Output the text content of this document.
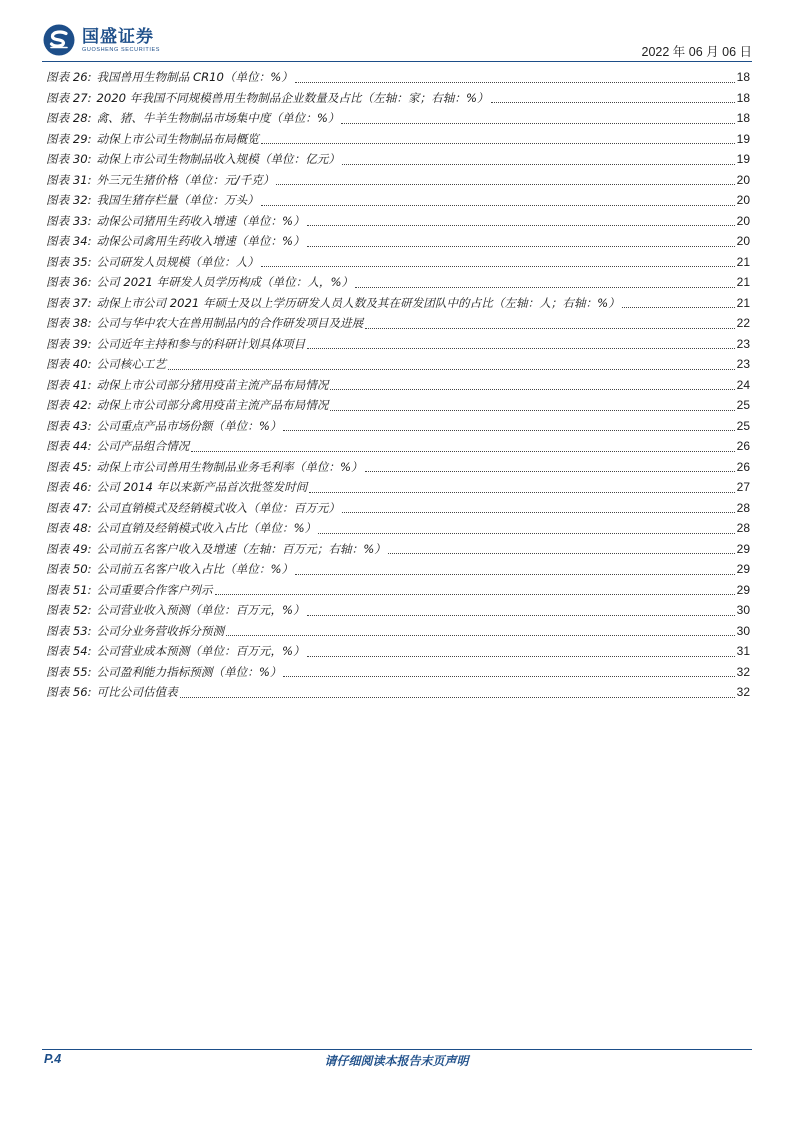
国盛证券
GUOSHENG SECURITIES	2022 年 06 月 06 日
图表 26: 我国兽用生物制品 CR10（单位：%）	18
图表 27: 2020 年我国不同规模兽用生物制品企业数量及占比（左轴：家；右轴：%）	18
图表 28: 禽、猪、牛羊生物制品市场集中度（单位：%）	18
图表 29: 动保上市公司生物制品布局概览	19
图表 30: 动保上市公司生物制品收入规模（单位：亿元）	19
图表 31: 外三元生猪价格（单位：元/千克）	20
图表 32: 我国生猪存栏量（单位：万头）	20
图表 33: 动保公司猪用生药收入增速（单位：%）	20
图表 34: 动保公司禽用生药收入增速（单位：%）	20
图表 35: 公司研发人员规模（单位：人）	21
图表 36: 公司 2021 年研发人员学历构成（单位：人，%）	21
图表 37: 动保上市公司 2021 年硕士及以上学历研发人员人数及其在研发团队中的占比（左轴：人；右轴：%）	21
图表 38: 公司与华中农大在兽用制品内的合作研发项目及进展	22
图表 39: 公司近年主持和参与的科研计划具体项目	23
图表 40: 公司核心工艺	23
图表 41: 动保上市公司部分猪用疫苗主流产品布局情况	24
图表 42: 动保上市公司部分禽用疫苗主流产品布局情况	25
图表 43: 公司重点产品市场份额（单位：%）	25
图表 44: 公司产品组合情况	26
图表 45: 动保上市公司兽用生物制品业务毛利率（单位：%）	26
图表 46: 公司 2014 年以来新产品首次批签发时间	27
图表 47: 公司直销模式及经销模式收入（单位：百万元）	28
图表 48: 公司直销及经销模式收入占比（单位：%）	28
图表 49: 公司前五名客户收入及增速（左轴：百万元；右轴：%）	29
图表 50: 公司前五名客户收入占比（单位：%）	29
图表 51: 公司重要合作客户列示	29
图表 52: 公司营业收入预测（单位：百万元，%）	30
图表 53: 公司分业务营收拆分预测	30
图表 54: 公司营业成本预测（单位：百万元，%）	31
图表 55: 公司盈利能力指标预测（单位：%）	32
图表 56: 可比公司估值表	32
P.4	请仔细阅读本报告末页声明
